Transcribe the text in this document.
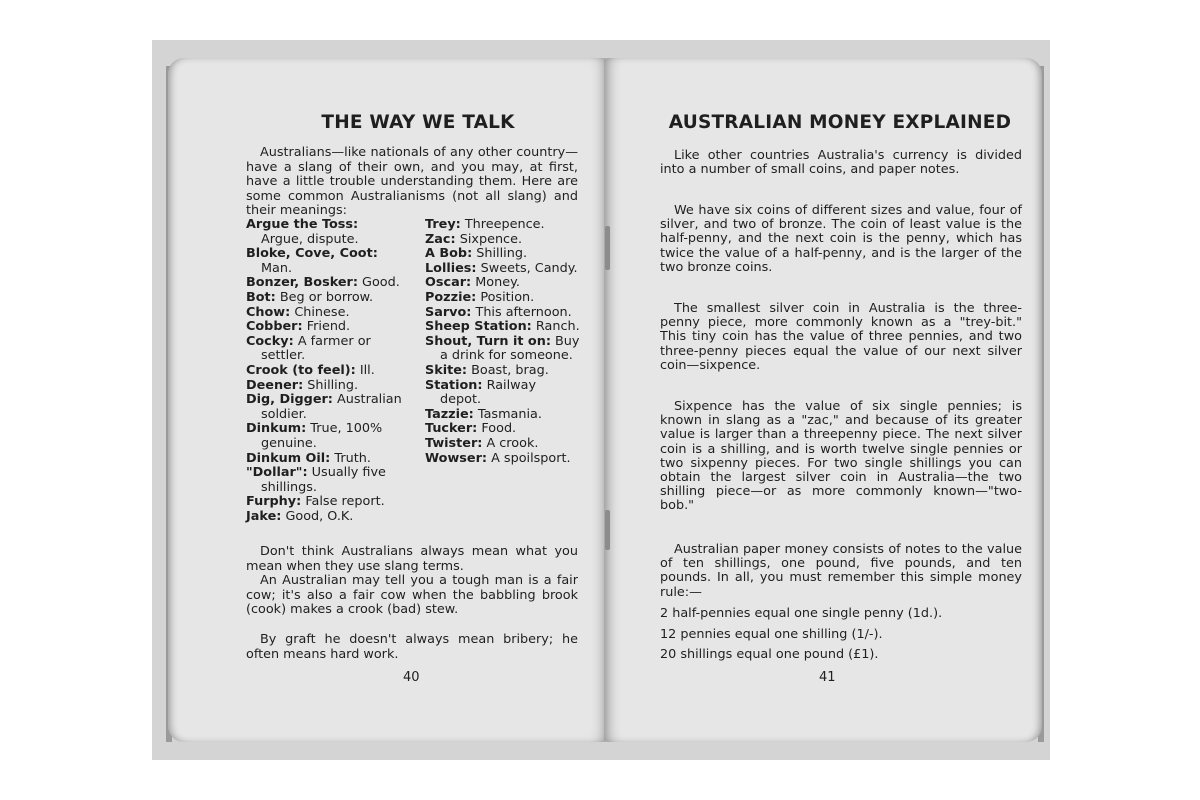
THE WAY WE TALK

Australians—like nationals of any other country—have a slang of their own, and you may, at first, have a little trouble understanding them. Here are some common Australianisms (not all slang) and their meanings:

Argue the Toss: Argue, dispute.
Bloke, Cove, Coot: Man.
Bonzer, Bosker: Good.
Bot: Beg or borrow.
Chow: Chinese.
Cobber: Friend.
Cocky: A farmer or settler.
Crook (to feel): Ill.
Deener: Shilling.
Dig, Digger: Australian soldier.
Dinkum: True, 100% genuine.
Dinkum Oil: Truth.
"Dollar": Usually five shillings.
Furphy: False report.
Jake: Good, O.K.
Trey: Threepence.
Zac: Sixpence.
A Bob: Shilling.
Lollies: Sweets, Candy.
Oscar: Money.
Pozzie: Position.
Sarvo: This afternoon.
Sheep Station: Ranch.
Shout, Turn it on: Buy a drink for someone.
Skite: Boast, brag.
Station: Railway depot.
Tazzie: Tasmania.
Tucker: Food.
Twister: A crook.
Wowser: A spoilsport.

Don't think Australians always mean what you mean when they use slang terms.

An Australian may tell you a tough man is a fair cow; it's also a fair cow when the babbling brook (cook) makes a crook (bad) stew.

By graft he doesn't always mean bribery; he often means hard work.

40

AUSTRALIAN MONEY EXPLAINED

Like other countries Australia's currency is divided into a number of small coins, and paper notes.

We have six coins of different sizes and value, four of silver, and two of bronze. The coin of least value is the half-penny, and the next coin is the penny, which has twice the value of a half-penny, and is the larger of the two bronze coins.

The smallest silver coin in Australia is the three-penny piece, more commonly known as a "trey-bit." This tiny coin has the value of three pennies, and two three-penny pieces equal the value of our next silver coin—sixpence.

Sixpence has the value of six single pennies; is known in slang as a "zac," and because of its greater value is larger than a threepenny piece. The next silver coin is a shilling, and is worth twelve single pennies or two sixpenny pieces. For two single shillings you can obtain the largest silver coin in Australia—the two shilling piece—or as more commonly known—"two-bob."

Australian paper money consists of notes to the value of ten shillings, one pound, five pounds, and ten pounds. In all, you must remember this simple money rule:—

2 half-pennies equal one single penny (1d.).

12 pennies equal one shilling (1/-).

20 shillings equal one pound (£1).

41
